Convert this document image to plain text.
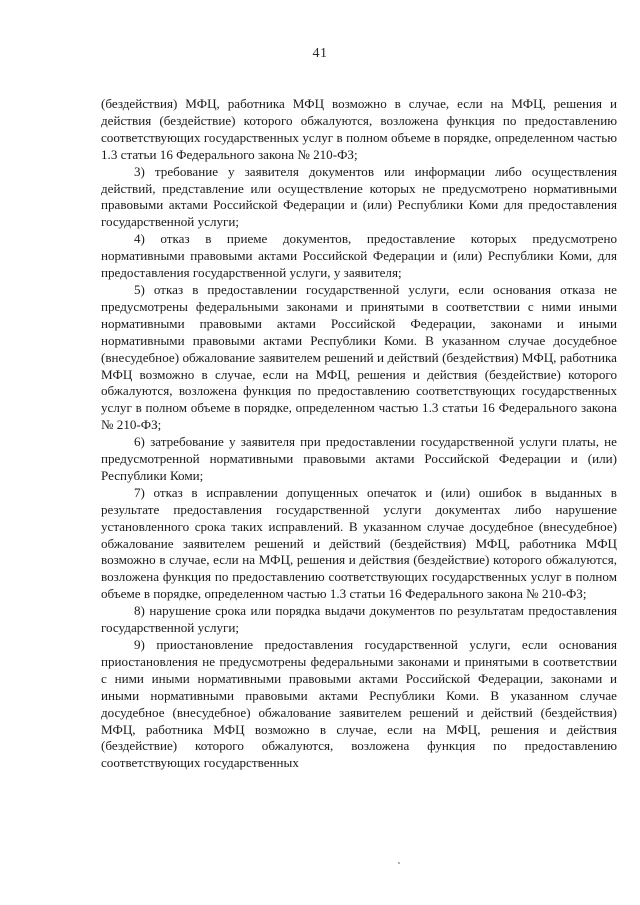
41

(бездействия) МФЦ, работника МФЦ возможно в случае, если на МФЦ, решения и действия (бездействие) которого обжалуются, возложена функция по предоставлению соответствующих государственных услуг в полном объеме в порядке, определенном частью 1.3 статьи 16 Федерального закона № 210-ФЗ;

3) требование у заявителя документов или информации либо осуществления действий, представление или осуществление которых не предусмотрено нормативными правовыми актами Российской Федерации и (или) Республики Коми для предоставления государственной услуги;

4) отказ в приеме документов, предоставление которых предусмотрено нормативными правовыми актами Российской Федерации и (или) Республики Коми, для предоставления государственной услуги, у заявителя;

5) отказ в предоставлении государственной услуги, если основания отказа не предусмотрены федеральными законами и принятыми в соответствии с ними иными нормативными правовыми актами Российской Федерации, законами и иными нормативными правовыми актами Республики Коми. В указанном случае досудебное (внесудебное) обжалование заявителем решений и действий (бездействия) МФЦ, работника МФЦ возможно в случае, если на МФЦ, решения и действия (бездействие) которого обжалуются, возложена функция по предоставлению соответствующих государственных услуг в полном объеме в порядке, определенном частью 1.3 статьи 16 Федерального закона № 210-ФЗ;

6) затребование у заявителя при предоставлении государственной услуги платы, не предусмотренной нормативными правовыми актами Российской Федерации и (или) Республики Коми;

7) отказ в исправлении допущенных опечаток и (или) ошибок в выданных в результате предоставления государственной услуги документах либо нарушение установленного срока таких исправлений. В указанном случае досудебное (внесудебное) обжалование заявителем решений и действий (бездействия) МФЦ, работника МФЦ возможно в случае, если на МФЦ, решения и действия (бездействие) которого обжалуются, возложена функция по предоставлению соответствующих государственных услуг в полном объеме в порядке, определенном частью 1.3 статьи 16 Федерального закона № 210-ФЗ;

8) нарушение срока или порядка выдачи документов по результатам предоставления государственной услуги;

9) приостановление предоставления государственной услуги, если основания приостановления не предусмотрены федеральными законами и принятыми в соответствии с ними иными нормативными правовыми актами Российской Федерации, законами и иными нормативными правовыми актами Республики Коми. В указанном случае досудебное (внесудебное) обжалование заявителем решений и действий (бездействия) МФЦ, работника МФЦ возможно в случае, если на МФЦ, решения и действия (бездействие) которого обжалуются, возложена функция по предоставлению соответствующих государственных
